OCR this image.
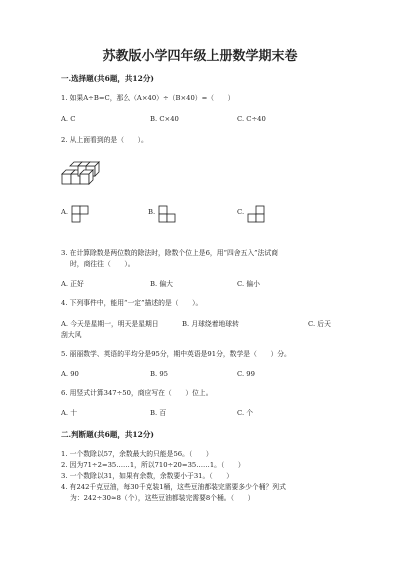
苏教版小学四年级上册数学期末卷
一.选择题(共6题，共12分)
1. 如果A÷B=C，那么（A×40）÷（B×40）=（　　）
A. C	B. C×40	C. C÷40
2. 从上面看到的是（　　）。
A.	B.	C.
3. 在计算除数是两位数的除法时，除数个位上是6，用“四舍五入”法试商
时，商往往（　　）。
A. 正好	B. 偏大	C. 偏小
4. 下列事件中，能用“一定”描述的是（　　）。
A. 今天是星期一，明天是星期日	B. 月球绕着地球转	C. 后天
刮大风
5. 丽丽数学、英语的平均分是95分，期中英语是91分，数学是（　　）分。
A. 90	B. 95	C. 99
6. 用竖式计算347÷50，商应写在（　　）位上。
A. 十	B. 百	C. 个
二.判断题(共6题，共12分)
1. 一个数除以57，余数最大的只能是56。（　　）
2. 因为71÷2=35……1，所以710÷20=35……1。（　　）
3. 一个数除以31，如果有余数，余数要小于31。（　　）
4. 有242千克豆油，每30千克装1桶，这些豆油都装完需要多少个桶？列式
为：242÷30≈8（个），这些豆油都装完需要8个桶。（　　）
